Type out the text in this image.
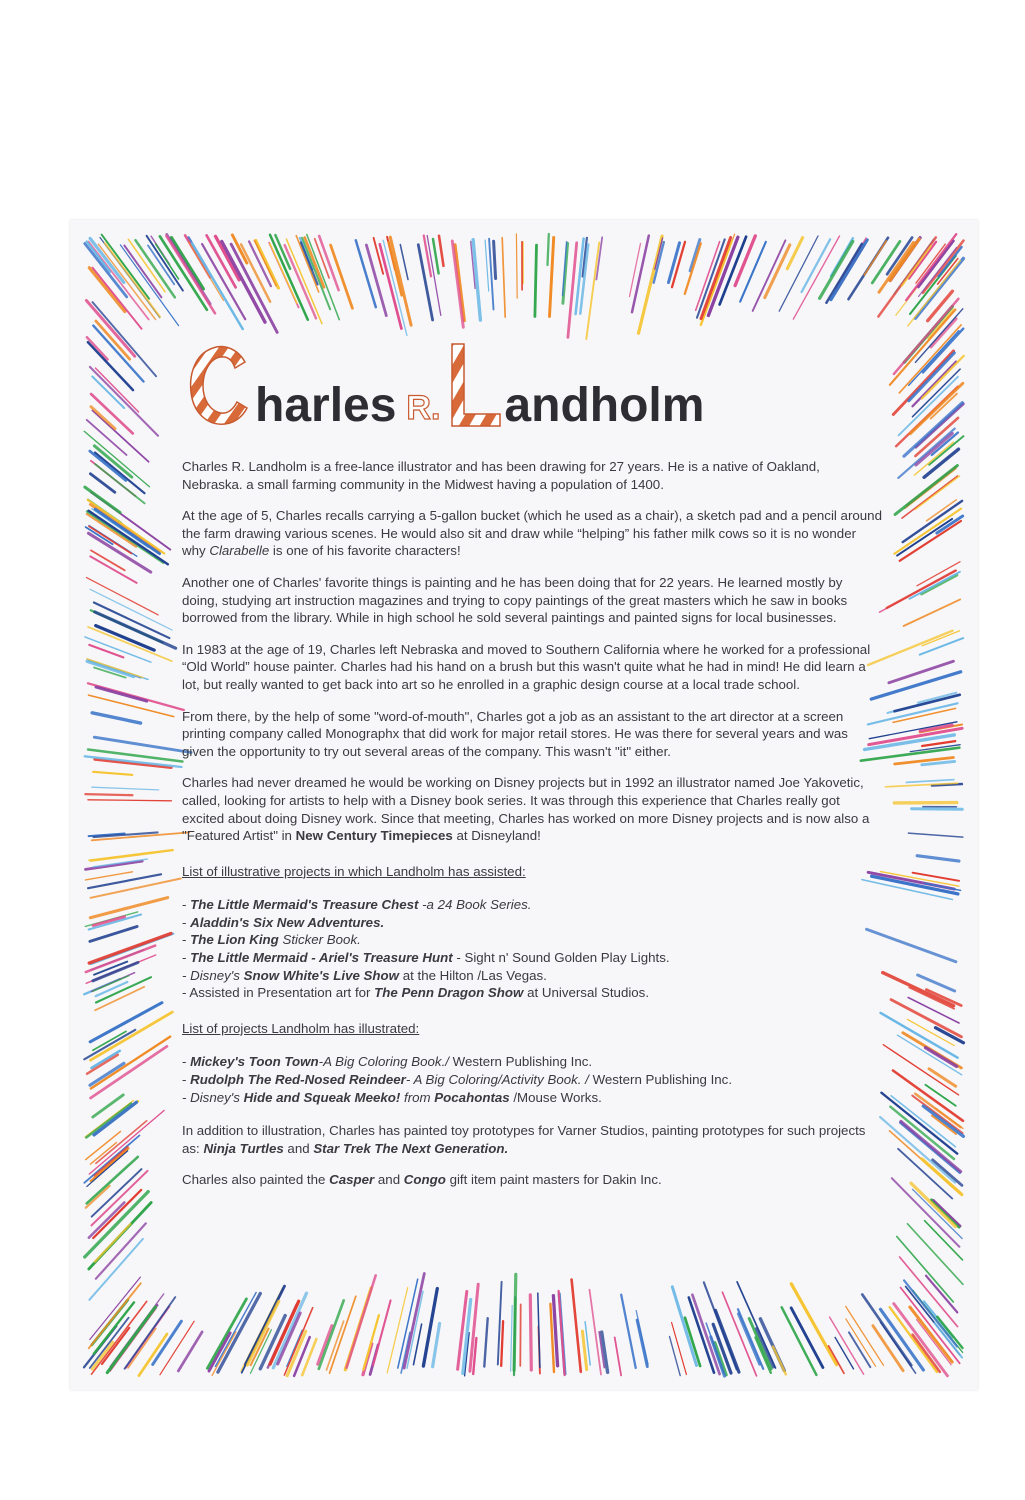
harles R. andholm

Charles R. Landholm is a free-lance illustrator and has been drawing for 27 years. He is a native of Oakland, Nebraska. a small farming community in the Midwest having a population of 1400.

At the age of 5, Charles recalls carrying a 5-gallon bucket (which he used as a chair), a sketch pad and a pencil around the farm drawing various scenes. He would also sit and draw while “helping” his father milk cows so it is no wonder why Clarabelle is one of his favorite characters!

Another one of Charles' favorite things is painting and he has been doing that for 22 years. He learned mostly by doing, studying art instruction magazines and trying to copy paintings of the great masters which he saw in books borrowed from the library. While in high school he sold several paintings and painted signs for local businesses.

In 1983 at the age of 19, Charles left Nebraska and moved to Southern California where he worked for a professional “Old World” house painter. Charles had his hand on a brush but this wasn't quite what he had in mind! He did learn a lot, but really wanted to get back into art so he enrolled in a graphic design course at a local trade school.

From there, by the help of some "word-of-mouth", Charles got a job as an assistant to the art director at a screen printing company called Monographx that did work for major retail stores. He was there for several years and was given the opportunity to try out several areas of the company. This wasn't "it" either.

Charles had never dreamed he would be working on Disney projects but in 1992 an illustrator named Joe Yakovetic, called, looking for artists to help with a Disney book series. It was through this experience that Charles really got excited about doing Disney work. Since that meeting, Charles has worked on more Disney projects and is now also a "Featured Artist" in New Century Timepieces at Disneyland!

List of illustrative projects in which Landholm has assisted:

- The Little Mermaid's Treasure Chest -a 24 Book Series.
- Aladdin's Six New Adventures.
- The Lion King Sticker Book.
- The Little Mermaid - Ariel's Treasure Hunt - Sight n' Sound Golden Play Lights.
- Disney's Snow White's Live Show at the Hilton /Las Vegas.
- Assisted in Presentation art for The Penn Dragon Show at Universal Studios.

List of projects Landholm has illustrated:

- Mickey's Toon Town-A Big Coloring Book./ Western Publishing Inc.
- Rudolph The Red-Nosed Reindeer- A Big Coloring/Activity Book. / Western Publishing Inc.
- Disney's Hide and Squeak Meeko! from Pocahontas /Mouse Works.

In addition to illustration, Charles has painted toy prototypes for Varner Studios, painting prototypes for such projects as: Ninja Turtles and Star Trek The Next Generation.

Charles also painted the Casper and Congo gift item paint masters for Dakin Inc.
